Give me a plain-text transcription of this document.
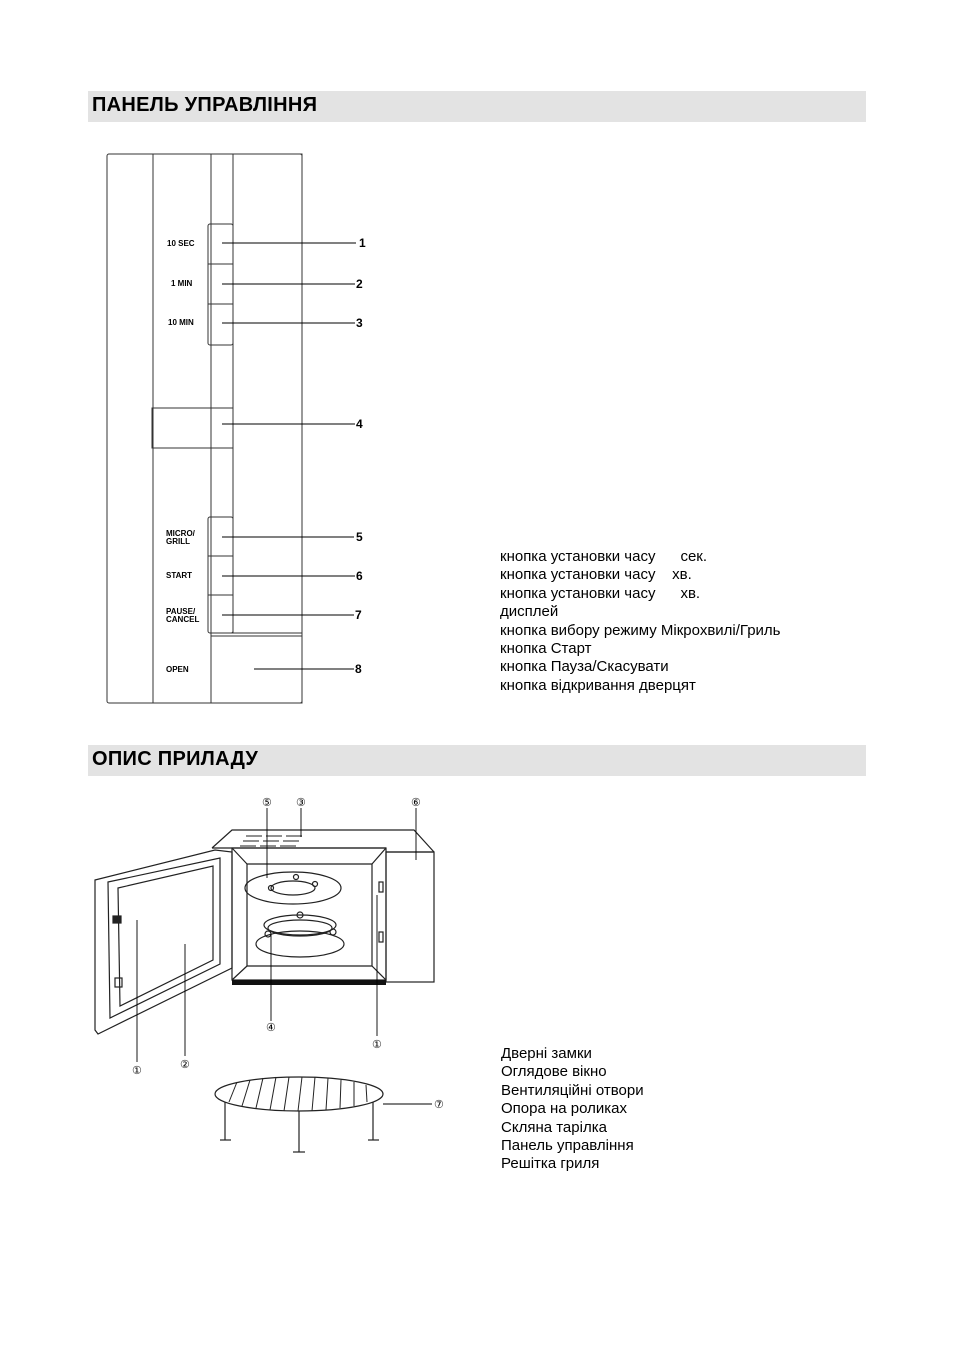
ПАНЕЛЬ УПРАВЛІННЯ
10 SEC
1 MIN
10 MIN
MICRO/
GRILL
START
PAUSE/
CANCEL
OPEN
1
2
3
4
5
6
7
8
кнопка установки часу      сек.
кнопка установки часу    хв.
кнопка установки часу      хв.
дисплей
кнопка вибору режиму Мікрохвилі/Гриль
кнопка Старт
кнопка Пауза/Скасувати
кнопка відкривання дверцят
ОПИС ПРИЛАДУ
⑤ ③	⑥
④
①
①	②
⑦
Дверні замки
Оглядове вікно
Вентиляційні отвори
Опора на роликах
Скляна тарілка
Панель управління
Решітка гриля
